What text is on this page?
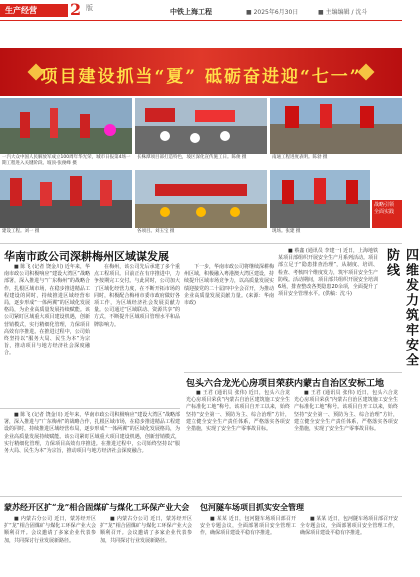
生产经营	2 版	中铁上海工程	■ 2025年6月30日	■ 主编编辑 / 沈斗
项目建设抓当“夏” 砥砺奋进迎“七一”
一汽大众中国人民解放军成立100周年华光荣，城市日报第4场一期工程进入关键阶段。坡顶·张俊峰 摄
长株潭项目部打造特色，坡区深化宣传施工日。陈俊 摄	南通工程进度表明。陈勃 摄
战略引领 全面实践
建设工程。刘一 摄	各项目。刘玉宝 摄	现场。张建 摄
华南市政公司深耕梅州区域谋发展

■ 陈飞 (记者 饶金川) 近年来，华南市政公司积极响应“建设大湾区”战略部署，深入推进与“广东梅州”的战略合作，扎根区域市场，在稳步推进精品工程建设的同时，持续推进区域经营布局，逐步形成“一体两翼”的区域化发展格局，为企业高质量发展持续赋能。该公司紧盯区域重大项目建设机遇，创新营销模式，实行精细化管理，力保项目高效有序推进。在推进过程中，公司始终坚持以“服务大局、民生为本”为宗旨，推动项目与地方经济社会深度融合。

在梅州，该公司先后承建了多个重点工程项目。目前正在有序推进中，力争按期完工交付。与此同时，公司加大了区域化经营力度，在不断开拓市场的同时，积极配合梅州市委市政府做好各项工作，为区域经济社会发展贡献力量。公司通过“区域联动、资源共享”的方式，不断提升区域项目管理水平和品牌影响力。

下一步，华南市政公司将继续深耕梅州区域，积极融入粤港澳大湾区建设，持续提升区域市场竞争力，以高质量发展实绩迎接党的二十届四中全会召开，为推动企业高质量发展贡献力量。(来源：华南市政)	四维发力筑牢安全防线

■ 蔡鑫 (通讯员 李建一) 近日，上海地铁某项目部组织开展安全生产月系列活动。项目部立足于“隐患排查治理”，从制度、培训、检查、考核四个维度发力，筑牢项目安全生产防线。活动期间，项目部共组织开展安全培训6场，排查整改各类隐患20余项，全面提升了项目安全管理水平。(供稿：沈斗)

包头六合龙光心房项目荣获内蒙古自治区安标工地

■ 王君 (通讯员 张伟) 近日，包头六合龙光心房项目荣获“内蒙古自治区建筑施工安全生产标准化工地”称号。该项目自开工以来，始终坚持“安全第一、预防为主、综合治理”方针，建立健全安全生产责任体系，严格落实各项安全措施，实现了安全生产零事故目标。

■ 王君 (通讯员 张伟) 近日，包头六合龙光心房项目荣获“内蒙古自治区建筑施工安全生产标准化工地”称号。该项目自开工以来，始终坚持“安全第一、预防为主、综合治理”方针，建立健全安全生产责任体系，严格落实各项安全措施，实现了安全生产零事故目标。

■ 陈飞 (记者 饶金川) 近年来，华南市政公司积极响应“建设大湾区”战略部署，深入推进与“广东梅州”的战略合作，扎根区域市场，在稳步推进精品工程建设的同时，持续推进区域经营布局，逐步形成“一体两翼”的区域化发展格局，为企业高质量发展持续赋能。该公司紧盯区域重大项目建设机遇，创新营销模式，实行精细化管理，力保项目高效有序推进。在推进过程中，公司始终坚持以“服务大局、民生为本”为宗旨，推动项目与地方经济社会深度融合。

蒙苏经开区扩“龙”相合固煤矿与煤化工环保产业大会

■ 内蒙古分公司 近日，蒙苏经开区扩“龙”相合固煤矿与煤化工环保产业大会顺利召开。会议邀请了多家企业代表参加，共同探讨行业发展新路径。

■ 内蒙古分公司 近日，蒙苏经开区扩“龙”相合固煤矿与煤化工环保产业大会顺利召开。会议邀请了多家企业代表参加，共同探讨行业发展新路径。

包河隧车场项目抓实安全管理

■ 某某 近日，包河隧车场项目部召开安全专题会议，全面部署项目安全管理工作，确保项目建设平稳有序推进。

■ 某某 近日，包河隧车场项目部召开安全专题会议，全面部署项目安全管理工作，确保项目建设平稳有序推进。
